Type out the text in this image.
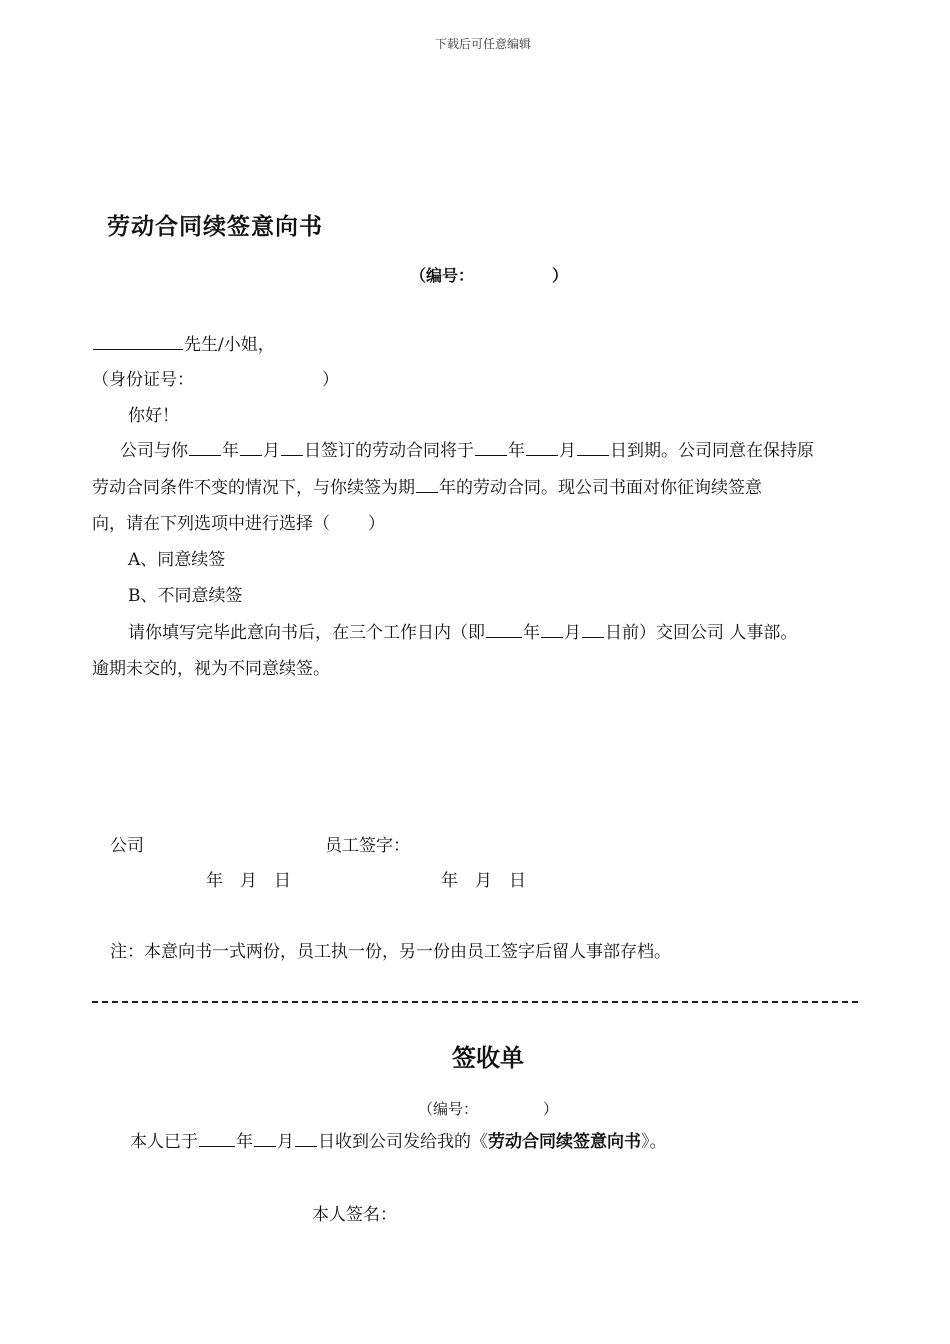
下载后可任意编辑
劳动合同续签意向书
（编号：	）
先生/小姐，
（身份证号：	）
你好！
公司与你 年 月 日签订的劳动合同将于 年 月 日到期。公司同意在保持原
劳动合同条件不变的情况下，与你续签为期 年的劳动合同。现公司书面对你征询续签意
向，请在下列选项中进行选择（ ）
A、同意续签
B、不同意续签
请你填写完毕此意向书后，在三个工作日内（即 年 月 日前）交回公司 人事部。
逾期未交的，视为不同意续签。
公司	员工签字：
年　月　日	年　月　日
注：本意向书一式两份，员工执一份，另一份由员工签字后留人事部存档。
签收单
（编号：	）
本人已于 年 月 日收到公司发给我的《劳动合同续签意向书》。
本人签名：
